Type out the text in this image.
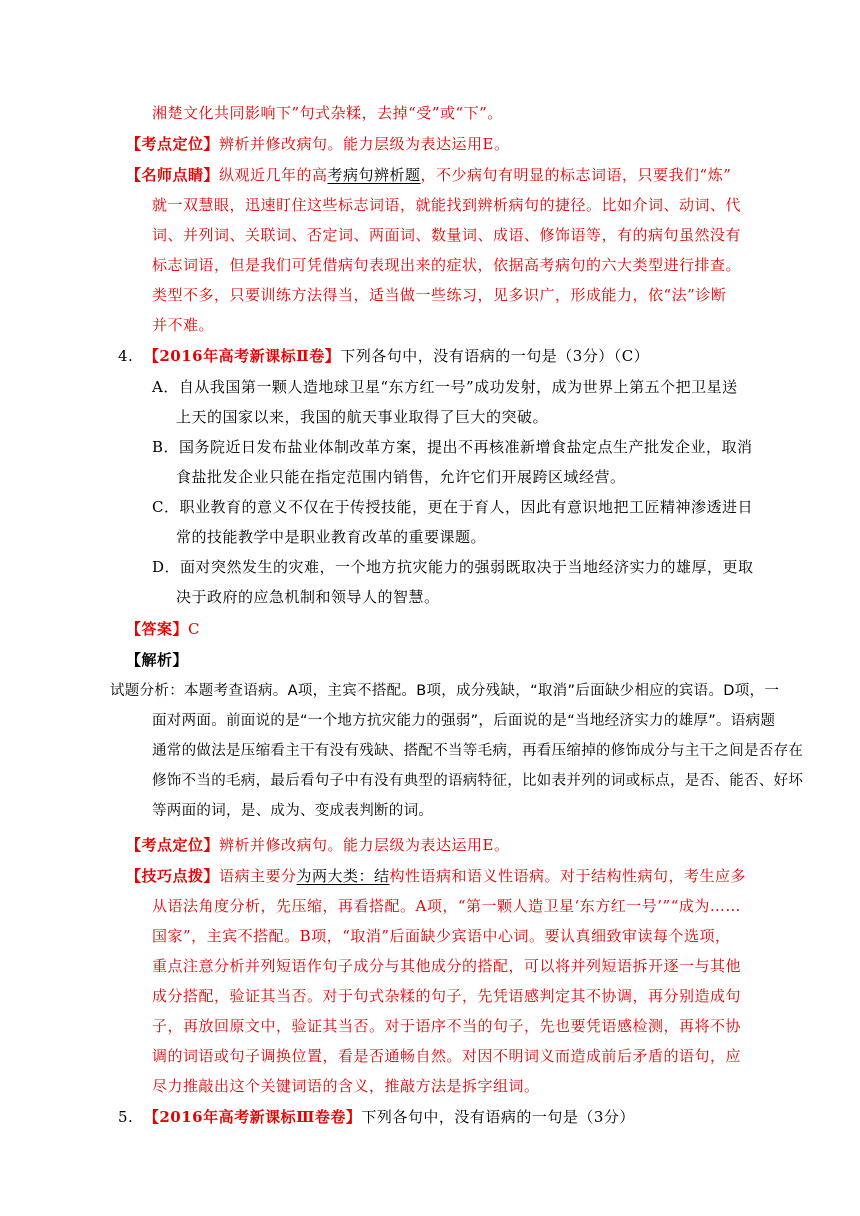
湘楚文化共同影响下”句式杂糅，去掉“受”或“下”。
【考点定位】辨析并修改病句。能力层级为表达运用E。
【名师点睛】纵观近几年的高考病句辨析题，不少病句有明显的标志词语，只要我们“炼”
就一双慧眼，迅速盯住这些标志词语，就能找到辨析病句的捷径。比如介词、动词、代
词、并列词、关联词、否定词、两面词、数量词、成语、修饰语等，有的病句虽然没有
标志词语，但是我们可凭借病句表现出来的症状，依据高考病句的六大类型进行排查。
类型不多，只要训练方法得当，适当做一些练习，见多识广，形成能力，依“法”诊断
并不难。
4. 【2016年高考新课标Ⅱ卷】下列各句中，没有语病的一句是（3分）（C）
A．自从我国第一颗人造地球卫星“东方红一号”成功发射，成为世界上第五个把卫星送
上天的国家以来，我国的航天事业取得了巨大的突破。
B．国务院近日发布盐业体制改革方案，提出不再核准新增食盐定点生产批发企业，取消
食盐批发企业只能在指定范围内销售，允许它们开展跨区域经营。
C．职业教育的意义不仅在于传授技能，更在于育人，因此有意识地把工匠精神渗透进日
常的技能教学中是职业教育改革的重要课题。
D．面对突然发生的灾难，一个地方抗灾能力的强弱既取决于当地经济实力的雄厚，更取
决于政府的应急机制和领导人的智慧。
【答案】C
【解析】
试题分析：本题考查语病。A项，主宾不搭配。B项，成分残缺，“取消”后面缺少相应的宾语。D项，一
面对两面。前面说的是“一个地方抗灾能力的强弱”，后面说的是“当地经济实力的雄厚”。语病题
通常的做法是压缩看主干有没有残缺、搭配不当等毛病，再看压缩掉的修饰成分与主干之间是否存在
修饰不当的毛病，最后看句子中有没有典型的语病特征，比如表并列的词或标点，是否、能否、好坏
等两面的词，是、成为、变成表判断的词。
【考点定位】辨析并修改病句。能力层级为表达运用E。
【技巧点拨】语病主要分为两大类：结构性语病和语义性语病。对于结构性病句，考生应多
从语法角度分析，先压缩，再看搭配。A项，“第一颗人造卫星‘东方红一号’”“成为……
国家”，主宾不搭配。B项，“取消”后面缺少宾语中心词。要认真细致审读每个选项，
重点注意分析并列短语作句子成分与其他成分的搭配，可以将并列短语拆开逐一与其他
成分搭配，验证其当否。对于句式杂糅的句子，先凭语感判定其不协调，再分别造成句
子，再放回原文中，验证其当否。对于语序不当的句子，先也要凭语感检测，再将不协
调的词语或句子调换位置，看是否通畅自然。对因不明词义而造成前后矛盾的语句，应
尽力推敲出这个关键词语的含义，推敲方法是拆字组词。
5. 【2016年高考新课标Ⅲ卷卷】下列各句中，没有语病的一句是（3分）
